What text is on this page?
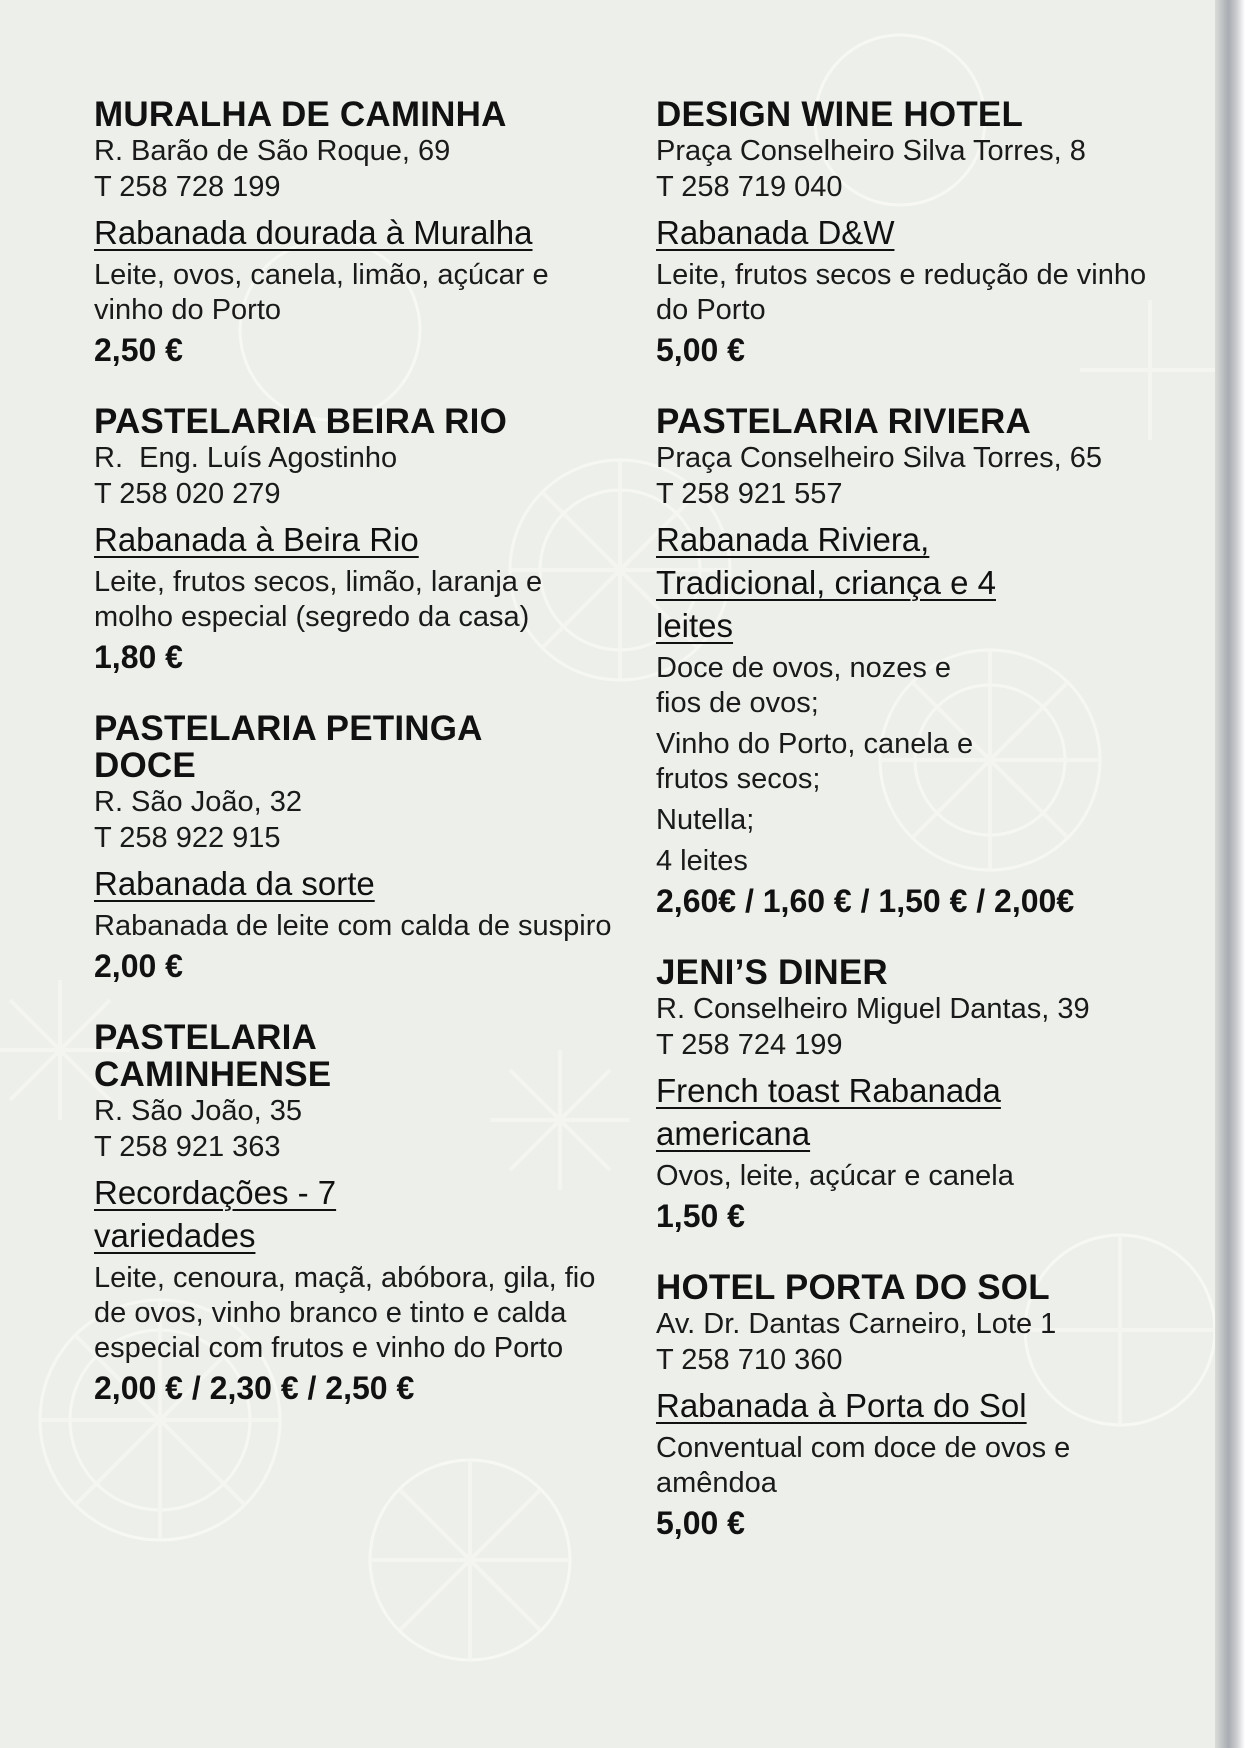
MURALHA DE CAMINHA
R. Barão de São Roque, 69
T 258 728 199
Rabanada dourada à Muralha
Leite, ovos, canela, limão, açúcar e vinho do Porto
2,50 €
PASTELARIA BEIRA RIO
R.  Eng. Luís Agostinho
T 258 020 279
Rabanada à Beira Rio
Leite, frutos secos, limão, laranja e molho especial (segredo da casa)
1,80 €
PASTELARIA PETINGA DOCE
R. São João, 32
T 258 922 915
Rabanada da sorte
Rabanada de leite com calda de suspiro
2,00 €
PASTELARIA CAMINHENSE
R. São João, 35
T 258 921 363
Recordações - 7 variedades
Leite, cenoura, maçã, abóbora, gila, fio de ovos, vinho branco e tinto e calda especial com frutos e vinho do Porto
2,00 € / 2,30 € / 2,50 €
DESIGN WINE HOTEL
Praça Conselheiro Silva Torres, 8
T 258 719 040
Rabanada D&W
Leite, frutos secos e redução de vinho do Porto
5,00 €
PASTELARIA RIVIERA
Praça Conselheiro Silva Torres, 65
T 258 921 557
Rabanada Riviera, Tradicional, criança e 4 leites
Doce de ovos, nozes e fios de ovos;
Vinho do Porto, canela e frutos secos;
Nutella;
4 leites
2,60€ / 1,60 € / 1,50 € / 2,00€
JENI’S DINER
R. Conselheiro Miguel Dantas, 39
T 258 724 199
French toast Rabanada americana
Ovos, leite, açúcar e canela
1,50 €
HOTEL PORTA DO SOL
Av. Dr. Dantas Carneiro, Lote 1
T 258 710 360
Rabanada à Porta do Sol
Conventual com doce de ovos e amêndoa
5,00 €
